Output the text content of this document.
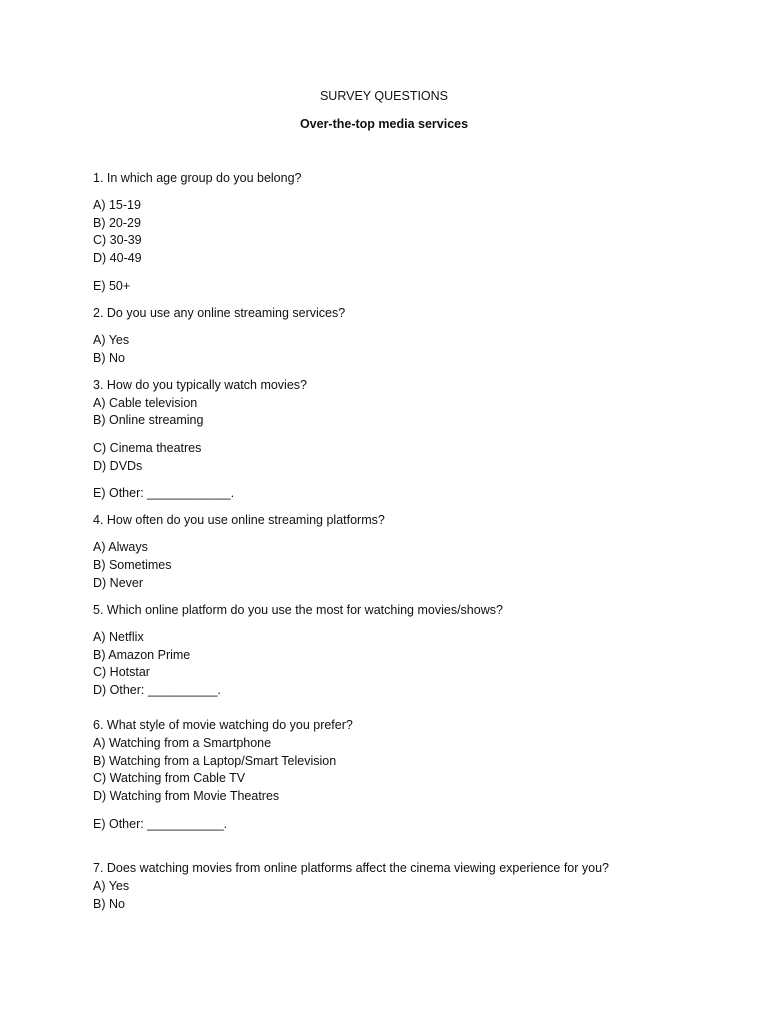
SURVEY QUESTIONS
Over-the-top media services
1. In which age group do you belong?
A) 15-19
B) 20-29
C) 30-39
D) 40-49
E) 50+
2. Do you use any online streaming services?
A) Yes
B) No
3. How do you typically watch movies?
A) Cable television
B) Online streaming
C) Cinema theatres
D) DVDs
E) Other: ____________.
4. How often do you use online streaming platforms?
A) Always
B) Sometimes
D) Never
5. Which online platform do you use the most for watching movies/shows?
A) Netflix
B) Amazon Prime
C) Hotstar
D) Other: __________.
6. What style of movie watching do you prefer?
A) Watching from a Smartphone
B) Watching from a Laptop/Smart Television
C) Watching from Cable TV
D) Watching from Movie Theatres
E) Other: ___________.
7. Does watching movies from online platforms affect the cinema viewing experience for you?
A) Yes
B) No
